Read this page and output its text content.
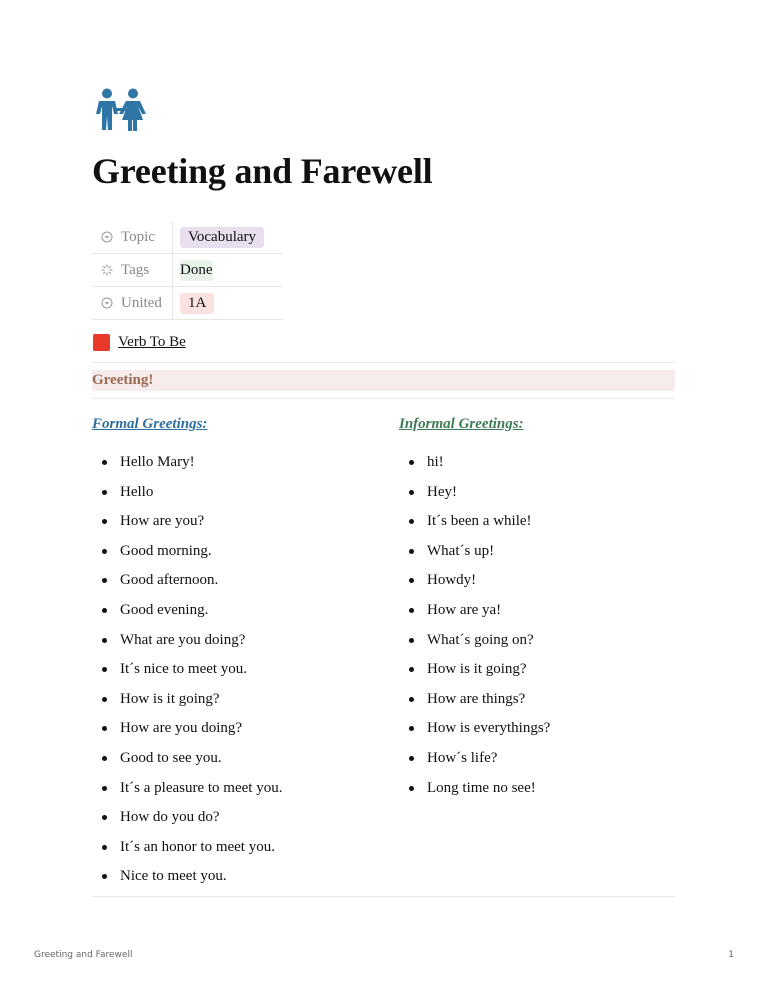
Greeting and Farewell
Topic	Vocabulary

Tags	Done

United	1A
Verb To Be
Greeting!
Formal Greetings:
Hello Mary!
Hello
How are you?
Good morning.
Good afternoon.
Good evening.
What are you doing?
It´s nice to meet you.
How is it going?
How are you doing?
Good to see you.
It´s a pleasure to meet you.
How do you do?
It´s an honor to meet you.
Nice to meet you.
Informal Greetings:
hi!
Hey!
It´s been a while!
What´s up!
Howdy!
How are ya!
What´s going on?
How is it going?
How are things?
How is everythings?
How´s life?
Long time no see!
Greeting and Farewell	1
